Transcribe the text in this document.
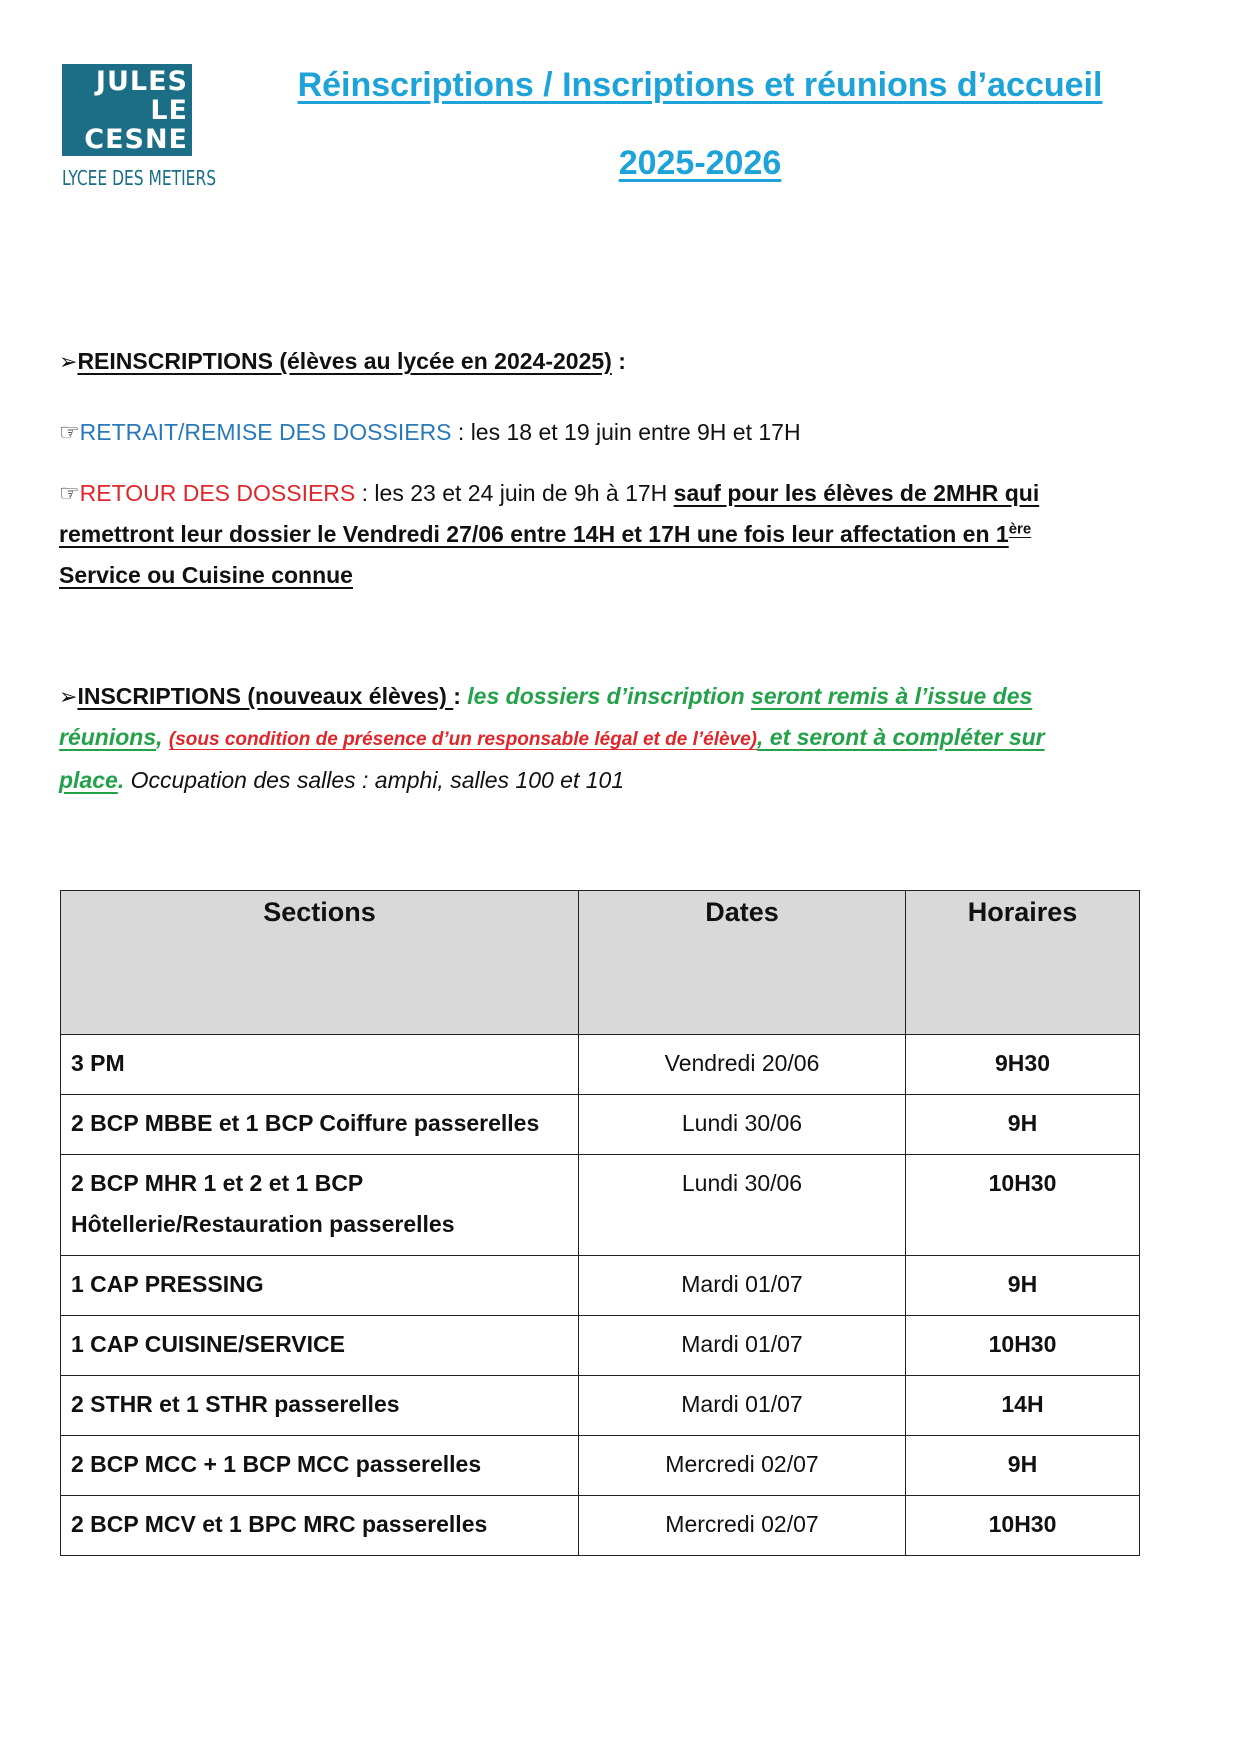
JULES
LE
CESNE
LYCEE DES METIERS
Réinscriptions / Inscriptions et réunions d’accueil
2025-2026
➢REINSCRIPTIONS (élèves au lycée en 2024-2025) :
☞RETRAIT/REMISE DES DOSSIERS : les 18 et 19 juin entre 9H et 17H
☞RETOUR DES DOSSIERS : les 23 et 24 juin de 9h à 17H sauf pour les élèves de 2MHR qui
remettront leur dossier le Vendredi 27/06 entre 14H et 17H une fois leur affectation en 1ère
Service ou Cuisine connue
➢INSCRIPTIONS (nouveaux élèves) : les dossiers d’inscription seront remis à l’issue des
réunions, (sous condition de présence d’un responsable légal et de l’élève), et seront à compléter sur
place. Occupation des salles : amphi, salles 100 et 101
Sections	Dates	Horaires
3 PM	Vendredi 20/06	9H30
2 BCP MBBE et 1 BCP Coiffure passerelles	Lundi 30/06	9H
2 BCP MHR 1 et 2 et 1 BCP Hôtellerie/Restauration passerelles	Lundi 30/06	10H30
1 CAP PRESSING	Mardi 01/07	9H
1 CAP CUISINE/SERVICE	Mardi 01/07	10H30
2 STHR et 1 STHR passerelles	Mardi 01/07	14H
2 BCP MCC + 1 BCP MCC passerelles	Mercredi 02/07	9H
2 BCP MCV et 1 BPC MRC passerelles	Mercredi 02/07	10H30
